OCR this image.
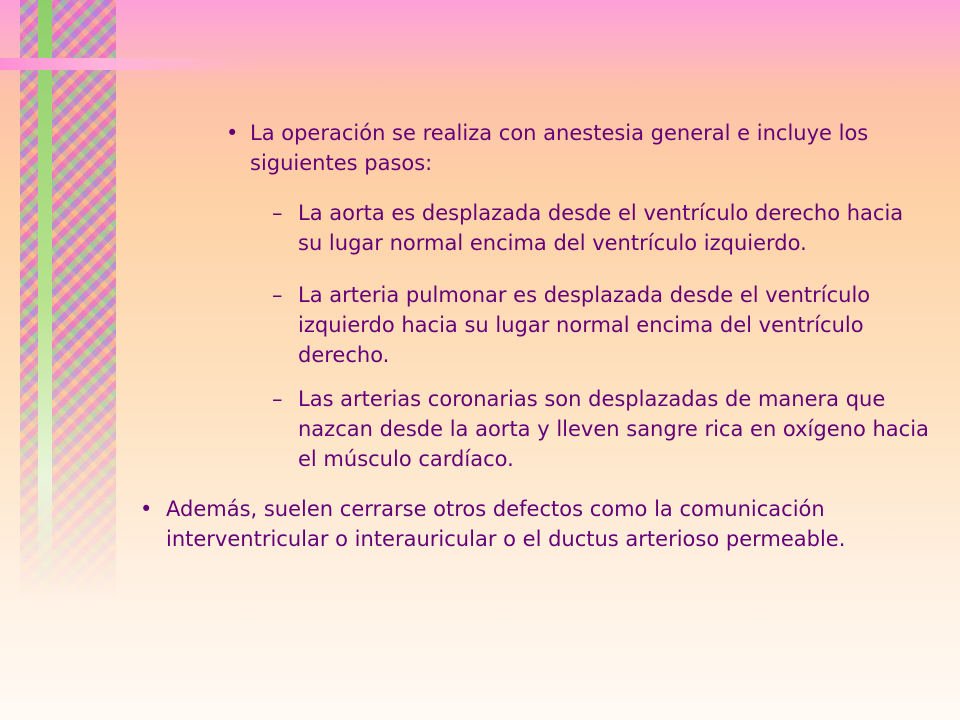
• La operación se realiza con anestesia general e incluye los siguientes pasos:
– La aorta es desplazada desde el ventrículo derecho hacia su lugar normal encima del ventrículo izquierdo.
– La arteria pulmonar es desplazada desde el ventrículo izquierdo hacia su lugar normal encima del ventrículo derecho.
– Las arterias coronarias son desplazadas de manera que nazcan desde la aorta y lleven sangre rica en oxígeno hacia el músculo cardíaco.
• Además, suelen cerrarse otros defectos como la comunicación interventricular o interauricular o el ductus arterioso permeable.
